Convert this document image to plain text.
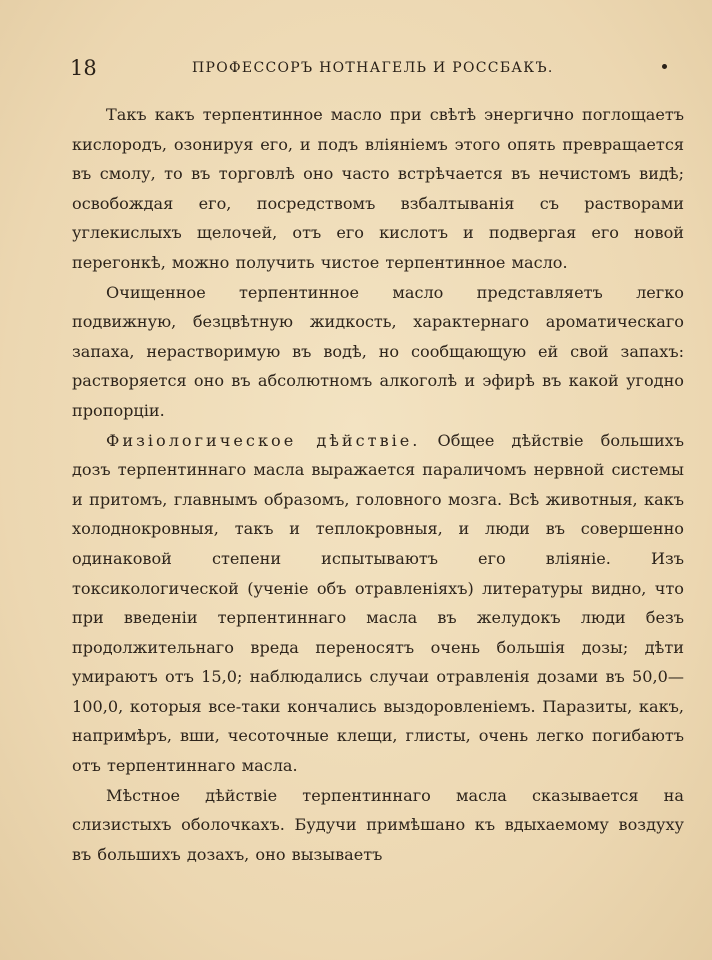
18	ПРОФЕССОРЪ НОТНАГЕЛЬ И РОССБАКЪ.

Такъ какъ терпентинное масло при свѣтѣ энергично поглощаетъ кислородъ, озонируя его, и подъ вліяніемъ этого опять превращается въ смолу, то въ торговлѣ оно часто встрѣчается въ нечистомъ видѣ; освобождая его, посредствомъ взбалтыванія съ растворами углекислыхъ щелочей, отъ его кислотъ и подвергая его новой перегонкѣ, можно получить чистое терпентинное масло.

Очищенное терпентинное масло представляетъ легко подвижную, безцвѣтную жидкость, характернаго ароматическаго запаха, нерастворимую въ водѣ, но сообщающую ей свой запахъ: растворяется оно въ абсолютномъ алкоголѣ и эфирѣ въ какой угодно пропорціи.

Физіологическое дѣйствіе. Общее дѣйствіе большихъ дозъ терпентиннаго масла выражается параличомъ нервной системы и притомъ, главнымъ образомъ, головного мозга. Всѣ животныя, какъ холоднокровныя, такъ и теплокровныя, и люди въ совершенно одинаковой степени испытываютъ его вліяніе. Изъ токсикологической (ученіе объ отравленіяхъ) литературы видно, что при введеніи терпентиннаго масла въ желудокъ люди безъ продолжительнаго вреда переносятъ очень большія дозы; дѣти умираютъ отъ 15,0; наблюдались случаи отравленія дозами въ 50,0—100,0, которыя все-таки кончались выздоровленіемъ. Паразиты, какъ, напримѣръ, вши, чесоточные клещи, глисты, очень легко погибаютъ отъ терпентиннаго масла.

Мѣстное дѣйствіе терпентиннаго масла сказывается на слизистыхъ оболочкахъ. Будучи примѣшано къ вдыхаемому воздуху въ большихъ дозахъ, оно вызываетъ
